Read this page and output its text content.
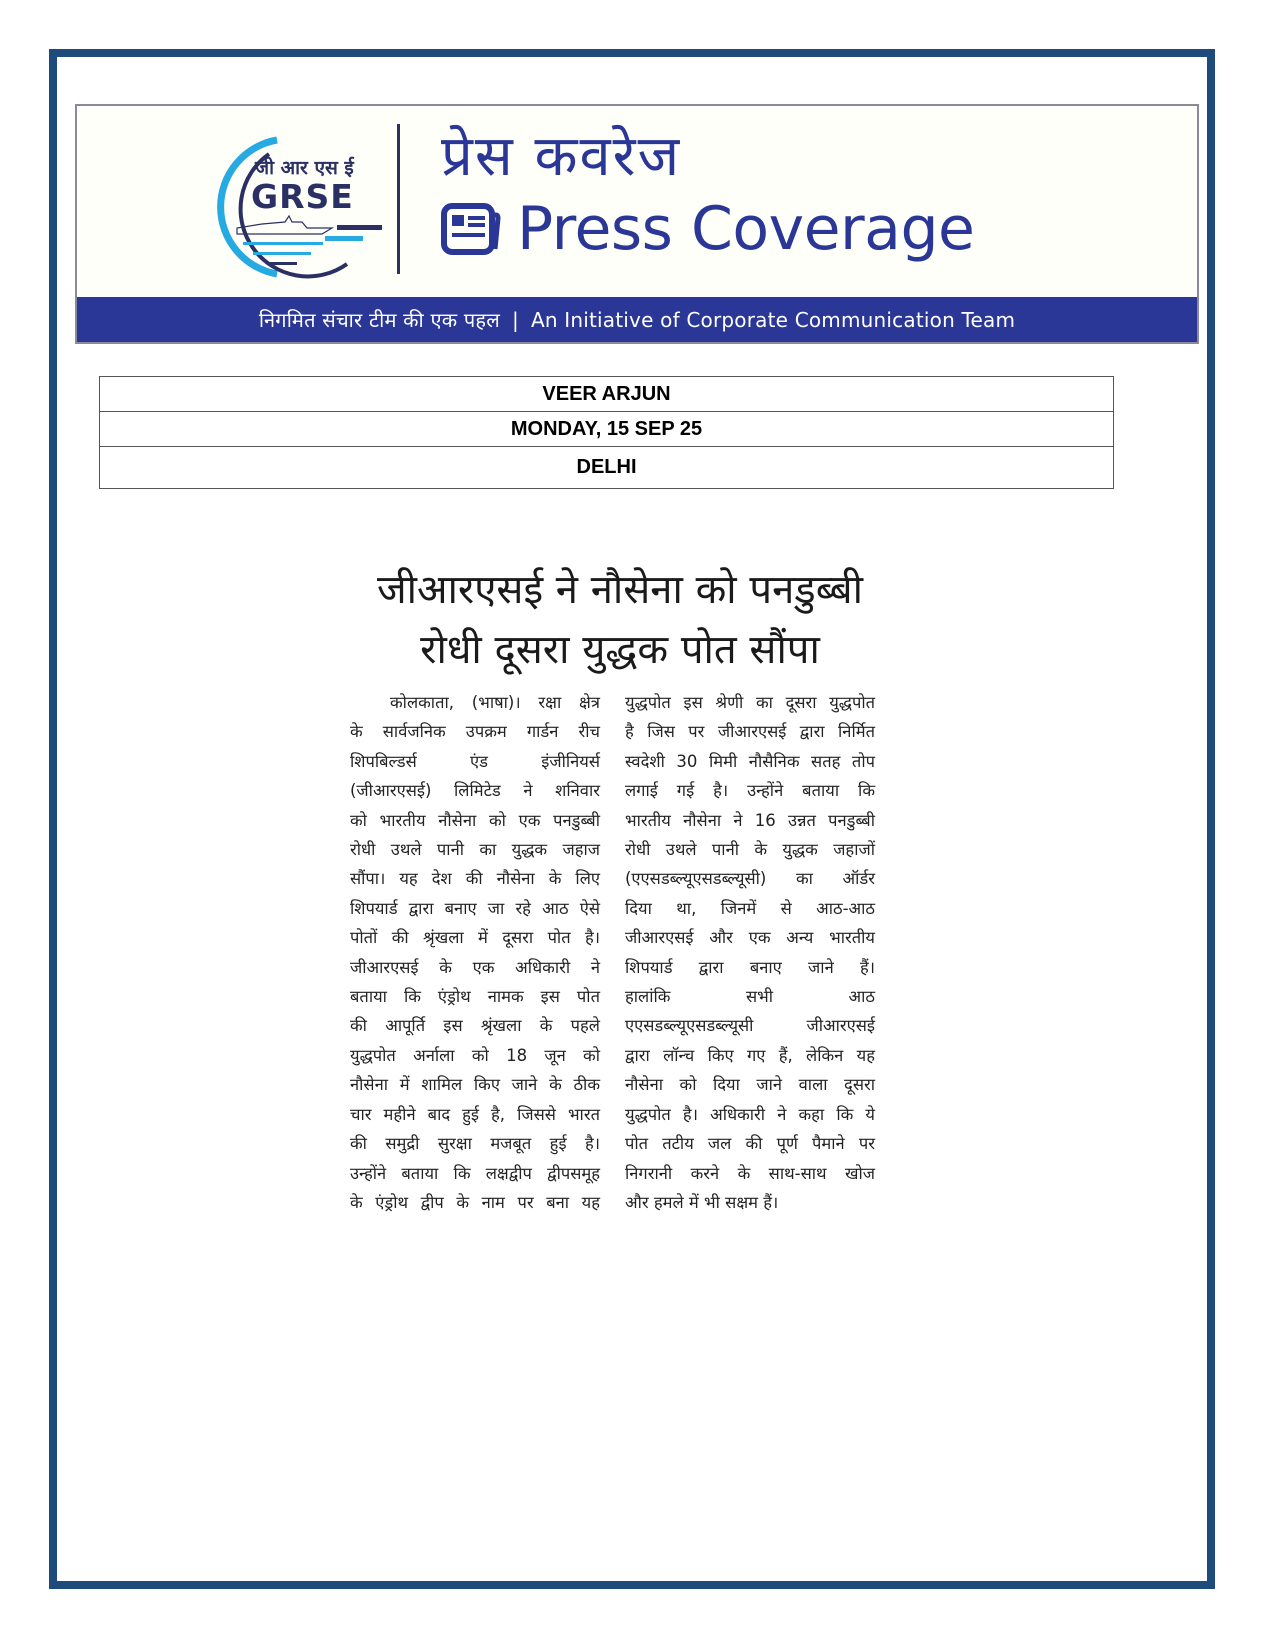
जी आर एस ई
GRSE
प्रेस कवरेज
Press Coverage
निगमित संचार टीम की एक पहल | An Initiative of Corporate Communication Team
VEER ARJUN
MONDAY, 15 SEP 25
DELHI
जीआरएसई ने नौसेना को पनडुब्बी
रोधी दूसरा युद्धक पोत सौंपा
कोलकाता, (भाषा)। रक्षा क्षेत्र
के सार्वजनिक उपक्रम गार्डन रीच
शिपबिल्डर्स एंड इंजीनियर्स
(जीआरएसई) लिमिटेड ने शनिवार
को भारतीय नौसेना को एक पनडुब्बी
रोधी उथले पानी का युद्धक जहाज
सौंपा। यह देश की नौसेना के लिए
शिपयार्ड द्वारा बनाए जा रहे आठ ऐसे
पोतों की श्रृंखला में दूसरा पोत है।
जीआरएसई के एक अधिकारी ने
बताया कि एंड्रोथ नामक इस पोत
की आपूर्ति इस श्रृंखला के पहले
युद्धपोत अर्नाला को 18 जून को
नौसेना में शामिल किए जाने के ठीक
चार महीने बाद हुई है, जिससे भारत
की समुद्री सुरक्षा मजबूत हुई है।
उन्होंने बताया कि लक्षद्वीप द्वीपसमूह
के एंड्रोथ द्वीप के नाम पर बना यह
युद्धपोत इस श्रेणी का दूसरा युद्धपोत
है जिस पर जीआरएसई द्वारा निर्मित
स्वदेशी 30 मिमी नौसैनिक सतह तोप
लगाई गई है। उन्होंने बताया कि
भारतीय नौसेना ने 16 उन्नत पनडुब्बी
रोधी उथले पानी के युद्धक जहाजों
(एएसडब्ल्यूएसडब्ल्यूसी) का ऑर्डर
दिया था, जिनमें से आठ-आठ
जीआरएसई और एक अन्य भारतीय
शिपयार्ड द्वारा बनाए जाने हैं।
हालांकि सभी आठ
एएसडब्ल्यूएसडब्ल्यूसी जीआरएसई
द्वारा लॉन्च किए गए हैं, लेकिन यह
नौसेना को दिया जाने वाला दूसरा
युद्धपोत है। अधिकारी ने कहा कि ये
पोत तटीय जल की पूर्ण पैमाने पर
निगरानी करने के साथ-साथ खोज
और हमले में भी सक्षम हैं।
